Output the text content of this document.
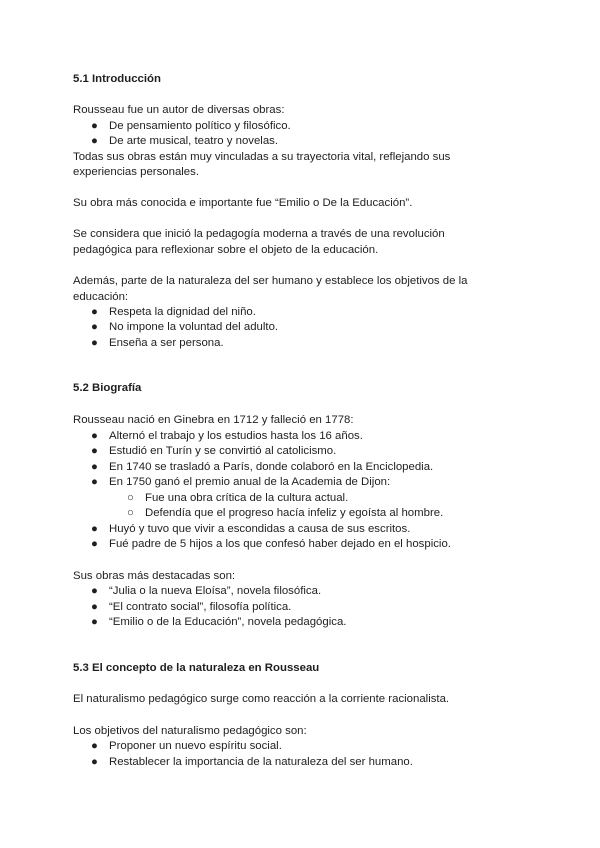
5.1 Introducción
Rousseau fue un autor de diversas obras:
● De pensamiento político y filosófico.
● De arte musical, teatro y novelas.
Todas sus obras están muy vinculadas a su trayectoria vital, reflejando sus
experiencias personales.
Su obra más conocida e importante fue “Emilio o De la Educación”.
Se considera que inició la pedagogía moderna a través de una revolución
pedagógica para reflexionar sobre el objeto de la educación.
Además, parte de la naturaleza del ser humano y establece los objetivos de la
educación:
● Respeta la dignidad del niño.
● No impone la voluntad del adulto.
● Enseña a ser persona.
5.2 Biografía
Rousseau nació en Ginebra en 1712 y falleció en 1778:
● Alternó el trabajo y los estudios hasta los 16 años.
● Estudió en Turín y se convirtió al catolicismo.
● En 1740 se trasladó a París, donde colaboró en la Enciclopedia.
● En 1750 ganó el premio anual de la Academia de Dijon:
○ Fue una obra crítica de la cultura actual.
○ Defendía que el progreso hacía infeliz y egoísta al hombre.
● Huyó y tuvo que vivir a escondidas a causa de sus escritos.
● Fué padre de 5 hijos a los que confesó haber dejado en el hospicio.
Sus obras más destacadas son:
● “Julia o la nueva Eloísa”, novela filosófica.
● “El contrato social”, filosofía política.
● “Emilio o de la Educación”, novela pedagógica.
5.3 El concepto de la naturaleza en Rousseau
El naturalismo pedagógico surge como reacción a la corriente racionalista.
Los objetivos del naturalismo pedagógico son:
● Proponer un nuevo espíritu social.
● Restablecer la importancia de la naturaleza del ser humano.
